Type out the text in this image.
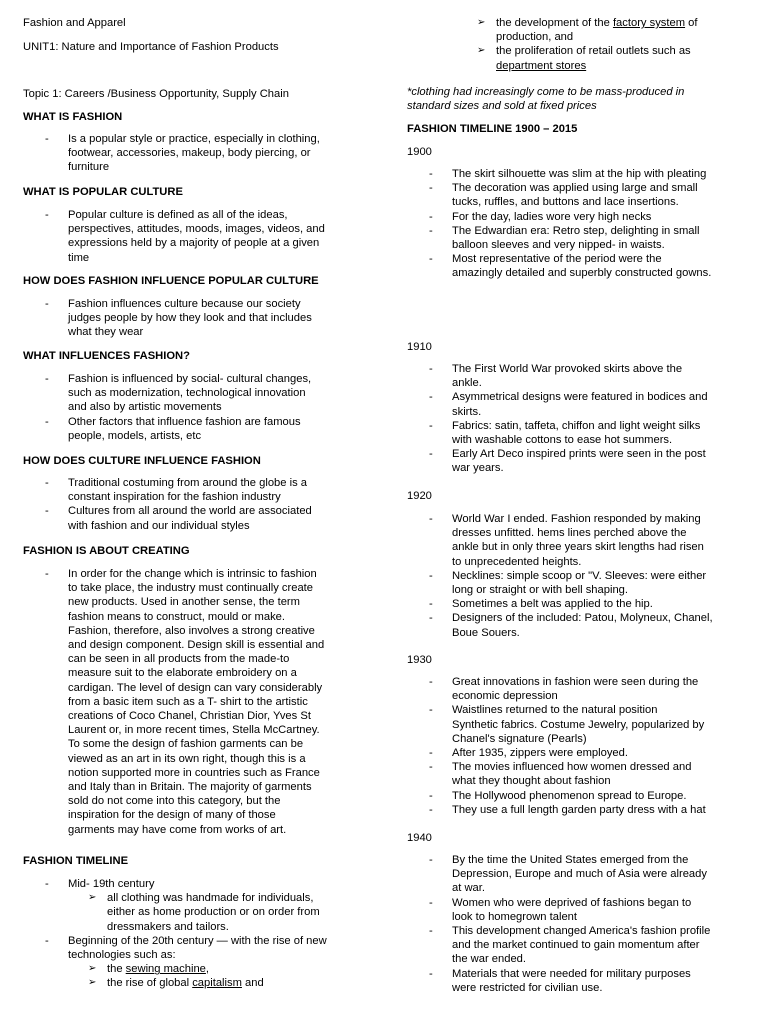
Fashion and Apparel

UNIT1: Nature and Importance of Fashion Products

Topic 1: Careers /Business Opportunity, Supply Chain

WHAT IS FASHION

- Is a popular style or practice, especially in clothing,

footwear, accessories, makeup, body piercing, or

furniture

WHAT IS POPULAR CULTURE

- Popular culture is defined as all of the ideas,

perspectives, attitudes, moods, images, videos, and

expressions held by a majority of people at a given

time

HOW DOES FASHION INFLUENCE POPULAR CULTURE

- Fashion influences culture because our society

judges people by how they look and that includes

what they wear

WHAT INFLUENCES FASHION?

- Fashion is influenced by social- cultural changes,

such as modernization, technological innovation

and also by artistic movements

- Other factors that influence fashion are famous

people, models, artists, etc

HOW DOES CULTURE INFLUENCE FASHION

- Traditional costuming from around the globe is a

constant inspiration for the fashion industry

- Cultures from all around the world are associated

with fashion and our individual styles

FASHION IS ABOUT CREATING

- In order for the change which is intrinsic to fashion

to take place, the industry must continually create

new products. Used in another sense, the term

fashion means to construct, mould or make.

Fashion, therefore, also involves a strong creative

and design component. Design skill is essential and

can be seen in all products from the made-to

measure suit to the elaborate embroidery on a

cardigan. The level of design can vary considerably

from a basic item such as a T- shirt to the artistic

creations of Coco Chanel, Christian Dior, Yves St

Laurent or, in more recent times, Stella McCartney.

To some the design of fashion garments can be

viewed as an art in its own right, though this is a

notion supported more in countries such as France

and Italy than in Britain. The majority of garments

sold do not come into this category, but the

inspiration for the design of many of those

garments may have come from works of art.

FASHION TIMELINE

- Mid- 19th century

➢ all clothing was handmade for individuals,

either as home production or on order from

dressmakers and tailors.

- Beginning of the 20th century — with the rise of new

technologies such as:

➢ the sewing machine,

➢ the rise of global capitalism and

➢ the development of the factory system of

production, and

➢ the proliferation of retail outlets such as

department stores

*clothing had increasingly come to be mass-produced in

standard sizes and sold at fixed prices

FASHION TIMELINE 1900 – 2015
1900

- The skirt silhouette was slim at the hip with pleating

- The decoration was applied using large and small

tucks, ruffles, and buttons and lace insertions.

- For the day, ladies wore very high necks

- The Edwardian era: Retro step, delighting in small

balloon sleeves and very nipped- in waists.

- Most representative of the period were the

amazingly detailed and superbly constructed gowns.

1910

- The First World War provoked skirts above the

ankle.

- Asymmetrical designs were featured in bodices and

skirts.

- Fabrics: satin, taffeta, chiffon and light weight silks

with washable cottons to ease hot summers.

- Early Art Deco inspired prints were seen in the post

war years.

1920

- World War I ended. Fashion responded by making

dresses unfitted. hems lines perched above the

ankle but in only three years skirt lengths had risen

to unprecedented heights.

- Necklines: simple scoop or "V. Sleeves: were either

long or straight or with bell shaping.

- Sometimes a belt was applied to the hip.

- Designers of the included: Patou, Molyneux, Chanel,

Boue Souers.

1930

- Great innovations in fashion were seen during the

economic depression

- Waistlines returned to the natural position

Synthetic fabrics. Costume Jewelry, popularized by

Chanel's signature (Pearls)

- After 1935, zippers were employed.

- The movies influenced how women dressed and

what they thought about fashion

- The Hollywood phenomenon spread to Europe.

- They use a full length garden party dress with a hat

1940

- By the time the United States emerged from the

Depression, Europe and much of Asia were already

at war.

- Women who were deprived of fashions began to

look to homegrown talent

- This development changed America's fashion profile

and the market continued to gain momentum after

the war ended.

- Materials that were needed for military purposes

were restricted for civilian use.
